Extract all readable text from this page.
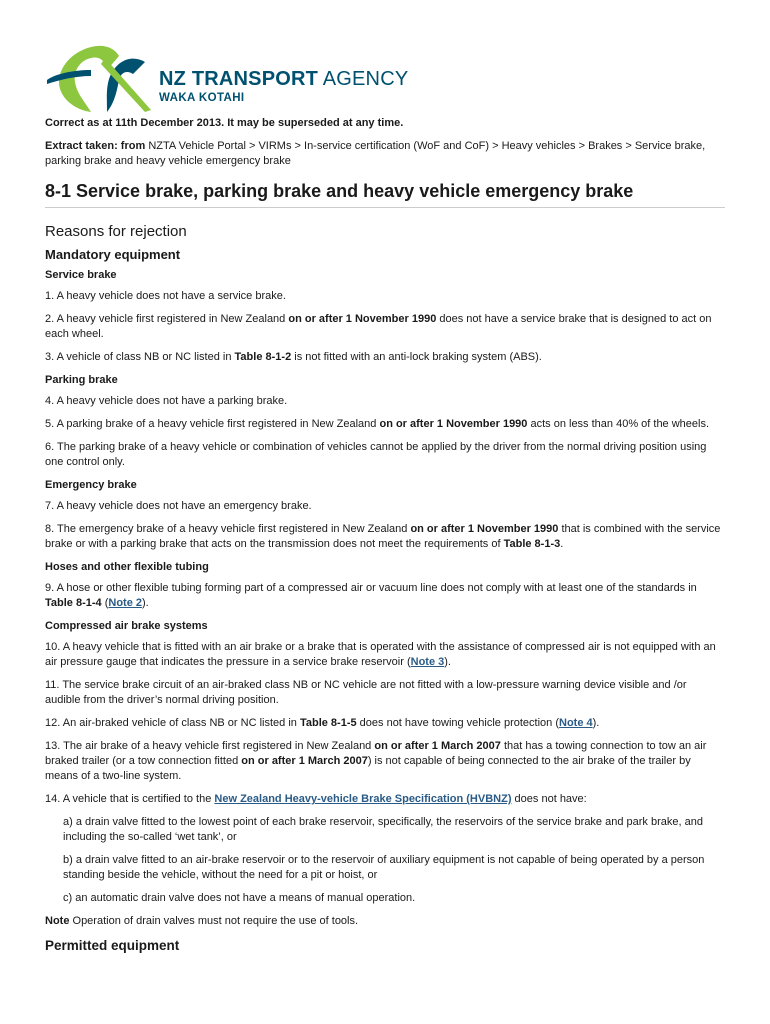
NZ TRANSPORT AGENCY
WAKA KOTAHI

Correct as at 11th December 2013. It may be superseded at any time.

Extract taken: from NZTA Vehicle Portal > VIRMs > In-service certification (WoF and CoF) > Heavy vehicles > Brakes > Service brake, parking brake and heavy vehicle emergency brake

8-1 Service brake, parking brake and heavy vehicle emergency brake
Reasons for rejection
Mandatory equipment
Service brake

1. A heavy vehicle does not have a service brake.

2. A heavy vehicle first registered in New Zealand on or after 1 November 1990 does not have a service brake that is designed to act on each wheel.

3. A vehicle of class NB or NC listed in Table 8-1-2 is not fitted with an anti-lock braking system (ABS).

Parking brake

4. A heavy vehicle does not have a parking brake.

5. A parking brake of a heavy vehicle first registered in New Zealand on or after 1 November 1990 acts on less than 40% of the wheels.

6. The parking brake of a heavy vehicle or combination of vehicles cannot be applied by the driver from the normal driving position using one control only.

Emergency brake

7. A heavy vehicle does not have an emergency brake.

8. The emergency brake of a heavy vehicle first registered in New Zealand on or after 1 November 1990 that is combined with the service brake or with a parking brake that acts on the transmission does not meet the requirements of Table 8-1-3.

Hoses and other flexible tubing

9. A hose or other flexible tubing forming part of a compressed air or vacuum line does not comply with at least one of the standards in Table 8-1-4 (Note 2).

Compressed air brake systems

10. A heavy vehicle that is fitted with an air brake or a brake that is operated with the assistance of compressed air is not equipped with an air pressure gauge that indicates the pressure in a service brake reservoir (Note 3).

11. The service brake circuit of an air-braked class NB or NC vehicle are not fitted with a low-pressure warning device visible and /or audible from the driver’s normal driving position.

12. An air-braked vehicle of class NB or NC listed in Table 8-1-5 does not have towing vehicle protection (Note 4).

13. The air brake of a heavy vehicle first registered in New Zealand on or after 1 March 2007 that has a towing connection to tow an air braked trailer (or a tow connection fitted on or after 1 March 2007) is not capable of being connected to the air brake of the trailer by means of a two-line system.

14. A vehicle that is certified to the New Zealand Heavy-vehicle Brake Specification (HVBNZ) does not have:

a) a drain valve fitted to the lowest point of each brake reservoir, specifically, the reservoirs of the service brake and park brake, and including the so-called ‘wet tank’, or

b) a drain valve fitted to an air-brake reservoir or to the reservoir of auxiliary equipment is not capable of being operated by a person standing beside the vehicle, without the need for a pit or hoist, or

c) an automatic drain valve does not have a means of manual operation.

Note Operation of drain valves must not require the use of tools.

Permitted equipment
